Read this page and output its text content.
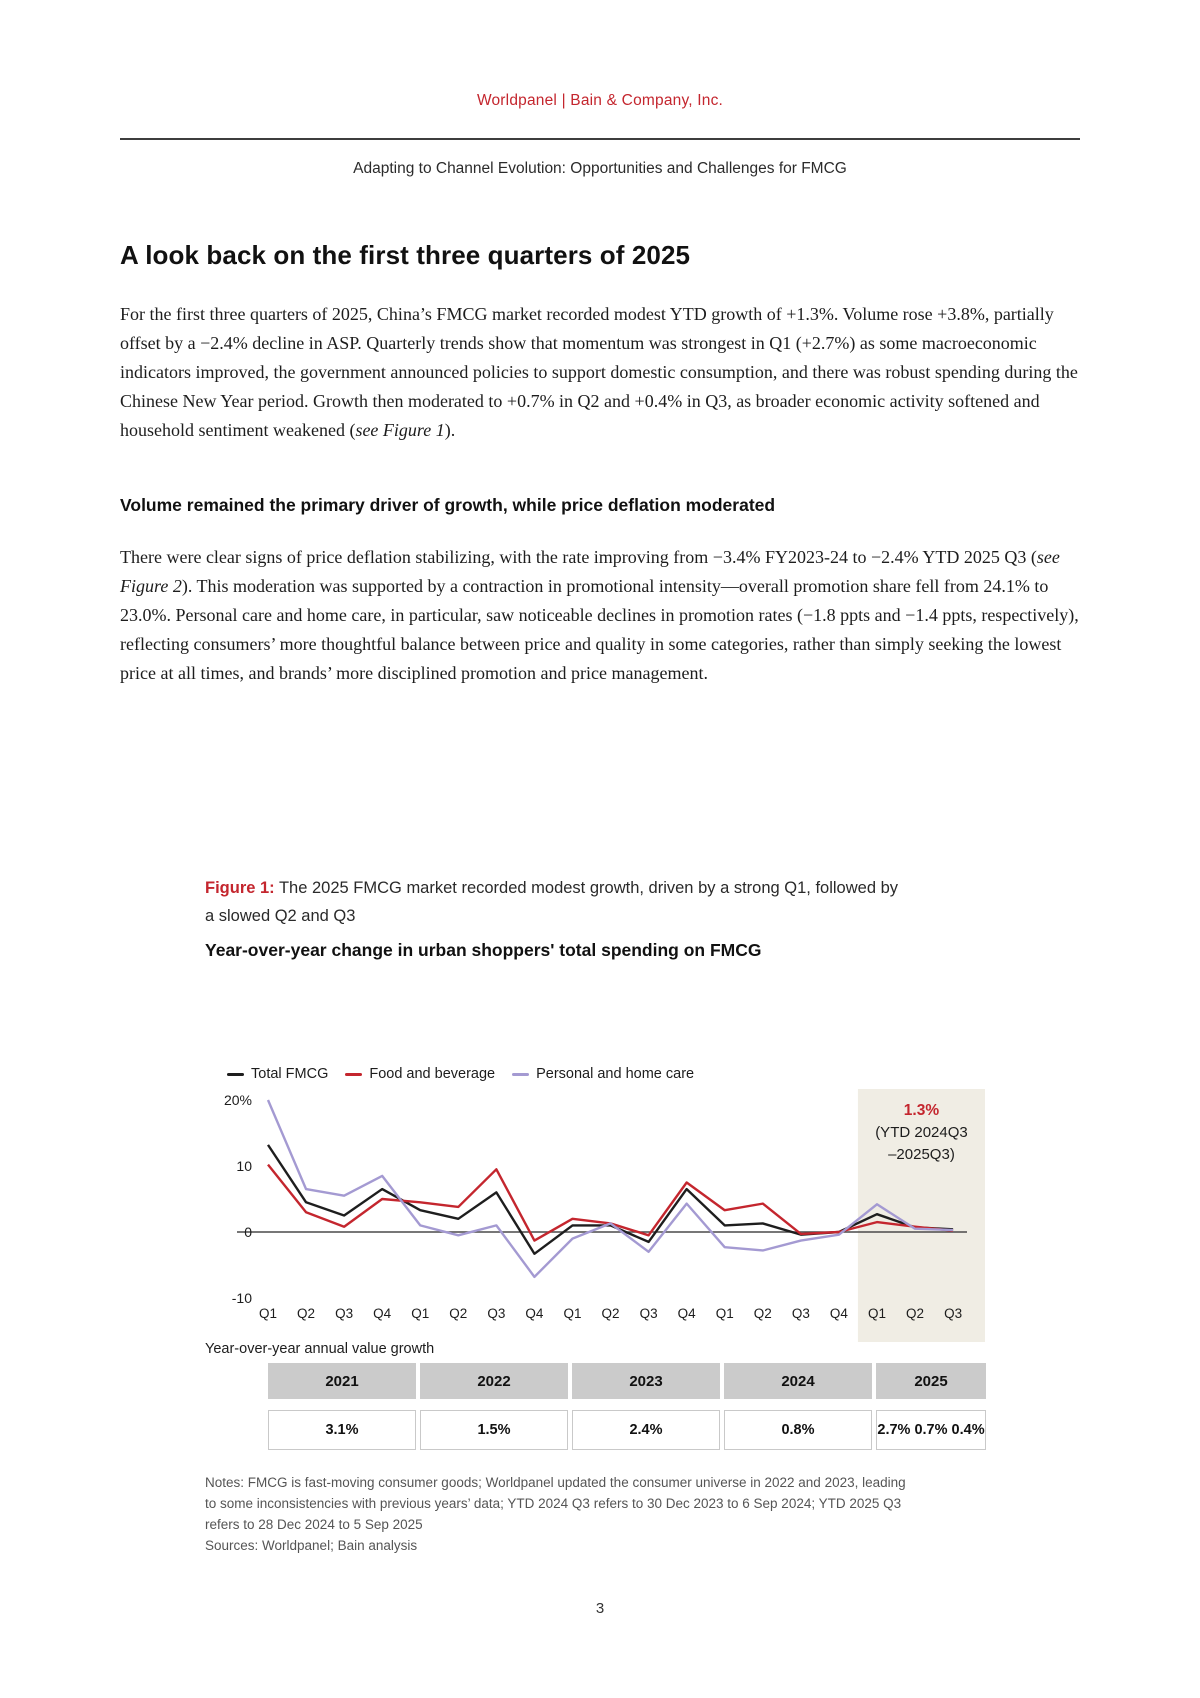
Worldpanel | Bain & Company, Inc.
Adapting to Channel Evolution: Opportunities and Challenges for FMCG
A look back on the first three quarters of 2025
For the first three quarters of 2025, China’s FMCG market recorded modest YTD growth of +1.3%. Volume rose +3.8%, partially offset by a −2.4% decline in ASP. Quarterly trends show that momentum was strongest in Q1 (+2.7%) as some macroeconomic indicators improved, the government announced policies to support domestic consumption, and there was robust spending during the Chinese New Year period. Growth then moderated to +0.7% in Q2 and +0.4% in Q3, as broader economic activity softened and household sentiment weakened (see Figure 1).
Volume remained the primary driver of growth, while price deflation moderated
There were clear signs of price deflation stabilizing, with the rate improving from −3.4% FY2023-24 to −2.4% YTD 2025 Q3 (see Figure 2). This moderation was supported by a contraction in promotional intensity—overall promotion share fell from 24.1% to 23.0%. Personal care and home care, in particular, saw noticeable declines in promotion rates (−1.8 ppts and −1.4 ppts, respectively), reflecting consumers’ more thoughtful balance between price and quality in some categories, rather than simply seeking the lowest price at all times, and brands’ more disciplined promotion and price management.
Figure 1: The 2025 FMCG market recorded modest growth, driven by a strong Q1, followed by a slowed Q2 and Q3
Year-over-year change in urban shoppers' total spending on FMCG
Total FMCG	Food and beverage	Personal and home care
20%
10
0
-10
Q1 Q2 Q3 Q4 Q1 Q2 Q3 Q4 Q1 Q2 Q3 Q4 Q1 Q2 Q3 Q4 Q1 Q2 Q3
1.3%
(YTD 2024Q3
–2025Q3)
Year-over-year annual value growth
2021	2022	2023	2024	2025
3.1%	1.5%	2.4%	0.8%	2.7% 0.7% 0.4%
Notes: FMCG is fast-moving consumer goods; Worldpanel updated the consumer universe in 2022 and 2023, leading to some inconsistencies with previous years’ data; YTD 2024 Q3 refers to 30 Dec 2023 to 6 Sep 2024; YTD 2025 Q3 refers to 28 Dec 2024 to 5 Sep 2025
Sources: Worldpanel; Bain analysis
3
